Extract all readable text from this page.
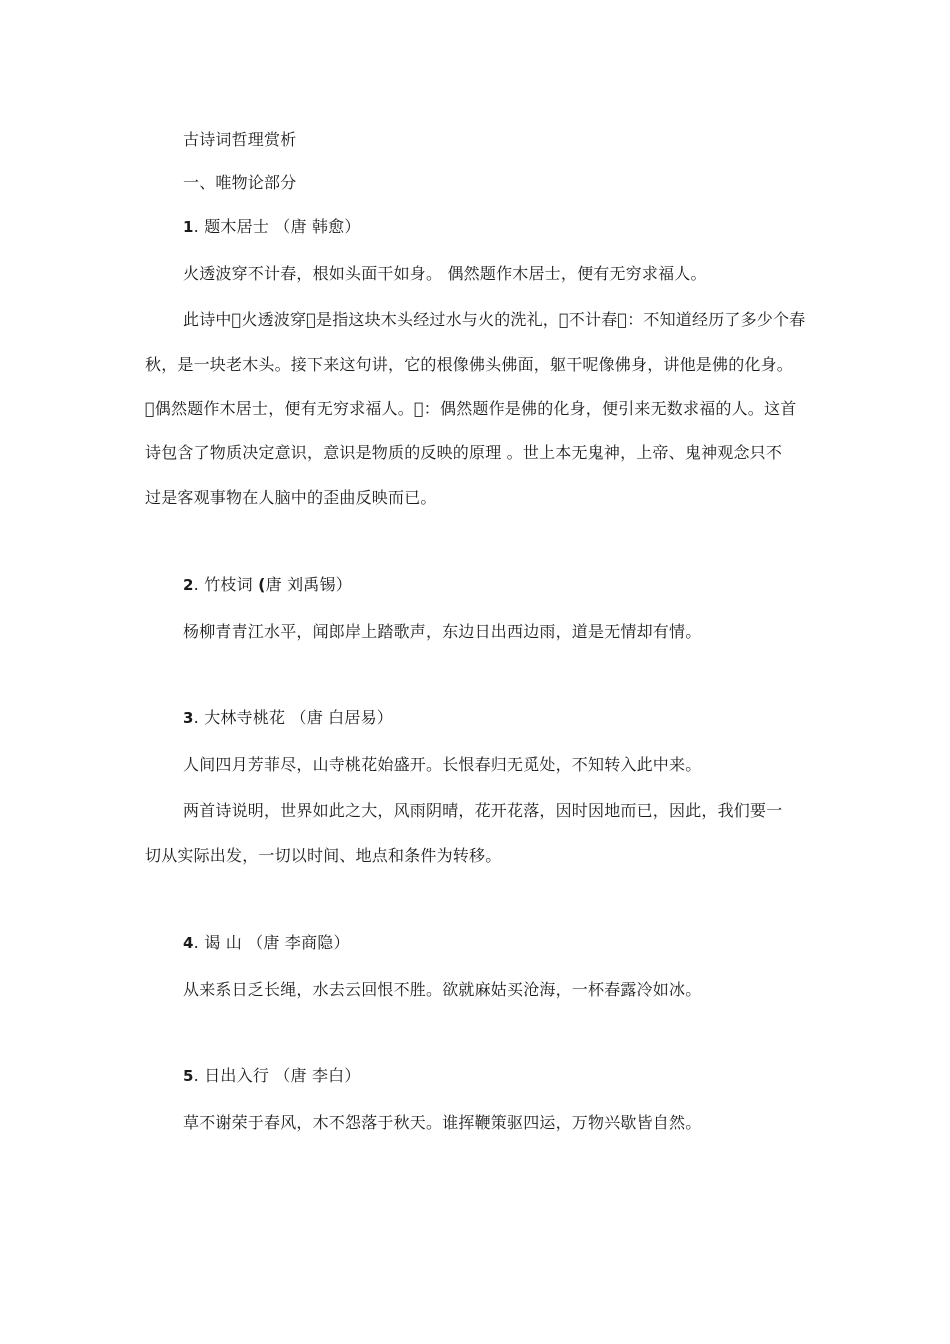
古诗词哲理赏析
一、唯物论部分
1. 题木居士 （唐 韩愈）
火透波穿不计春，根如头面干如身。 偶然题作木居士，便有无穷求福人。
此诗中 火透波穿 是指这块木头经过水与火的洗礼， 不计春 ：不知道经历了多少个春
秋，是一块老木头。接下来这句讲，它的根像佛头佛面，躯干呢像佛身，讲他是佛的化身。
 偶然题作木居士，便有无穷求福人。 ：偶然题作是佛的化身，便引来无数求福的人。这首
诗包含了物质决定意识，意识是物质的反映的原理 。世上本无鬼神，上帝、鬼神观念只不
过是客观事物在人脑中的歪曲反映而已。
2. 竹枝词 (唐 刘禹锡）
杨柳青青江水平，闻郎岸上踏歌声，东边日出西边雨，道是无情却有情。
3. 大林寺桃花 （唐 白居易）
人间四月芳菲尽，山寺桃花始盛开。长恨春归无觅处，不知转入此中来。
两首诗说明，世界如此之大，风雨阴晴，花开花落，因时因地而已，因此，我们要一
切从实际出发，一切以时间、地点和条件为转移。
4. 谒 山 （唐 李商隐）
从来系日乏长绳，水去云回恨不胜。欲就麻姑买沧海，一杯春露冷如冰。
5. 日出入行 （唐 李白）
草不谢荣于春风，木不怨落于秋天。谁挥鞭策驱四运，万物兴歇皆自然。
